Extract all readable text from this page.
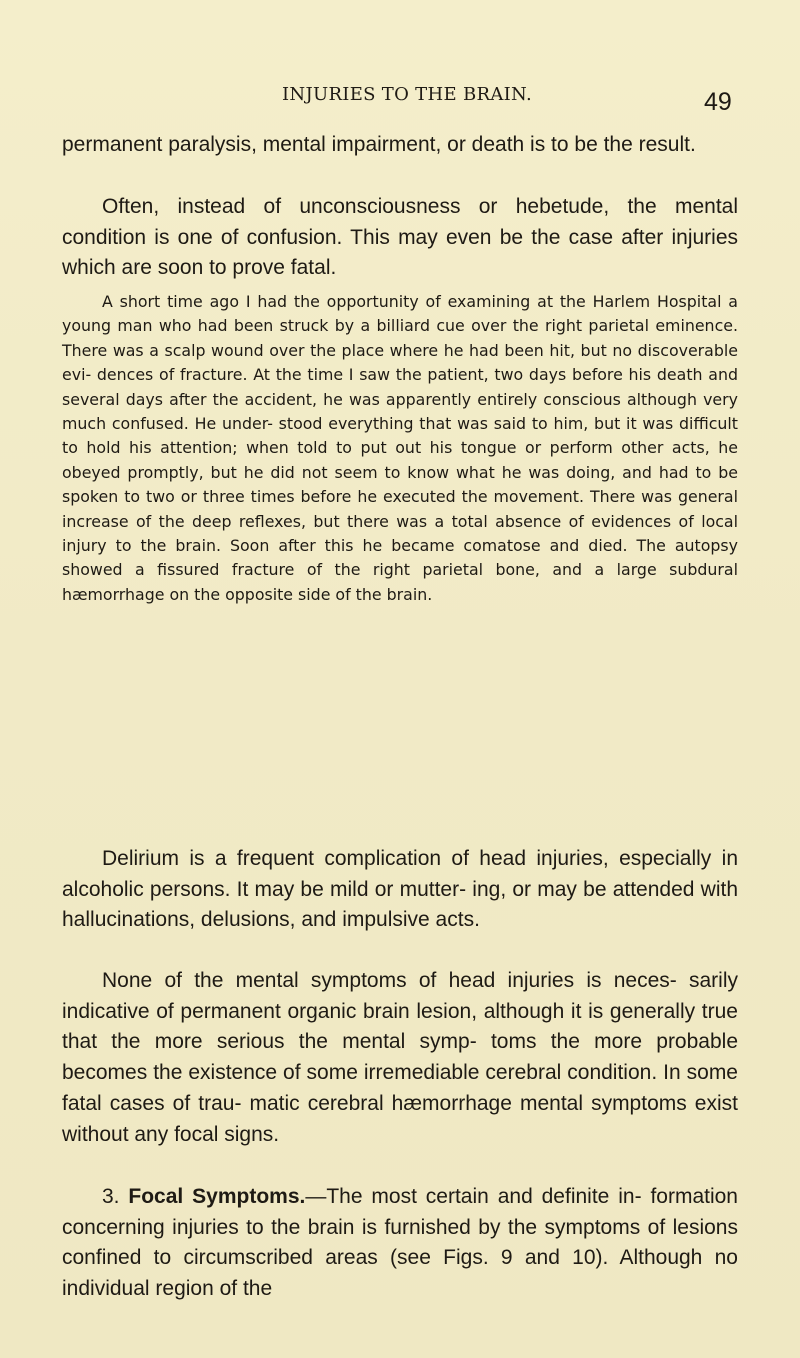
INJURIES TO THE BRAIN.	49

permanent paralysis, mental impairment, or death is to be the result.

Often, instead of unconsciousness or hebetude, the mental condition is one of confusion. This may even be the case after injuries which are soon to prove fatal.

A short time ago I had the opportunity of examining at the Harlem Hospital a young man who had been struck by a billiard cue over the right parietal eminence. There was a scalp wound over the place where he had been hit, but no discoverable evi- dences of fracture. At the time I saw the patient, two days before his death and several days after the accident, he was apparently entirely conscious although very much confused. He under- stood everything that was said to him, but it was difficult to hold his attention; when told to put out his tongue or perform other acts, he obeyed promptly, but he did not seem to know what he was doing, and had to be spoken to two or three times before he executed the movement. There was general increase of the deep reflexes, but there was a total absence of evidences of local injury to the brain. Soon after this he became comatose and died. The autopsy showed a fissured fracture of the right parietal bone, and a large subdural hæmorrhage on the opposite side of the brain.

Delirium is a frequent complication of head injuries, especially in alcoholic persons. It may be mild or mutter- ing, or may be attended with hallucinations, delusions, and impulsive acts.

None of the mental symptoms of head injuries is neces- sarily indicative of permanent organic brain lesion, although it is generally true that the more serious the mental symp- toms the more probable becomes the existence of some irremediable cerebral condition. In some fatal cases of trau- matic cerebral hæmorrhage mental symptoms exist without any focal signs.

3. Focal Symptoms.—The most certain and definite in- formation concerning injuries to the brain is furnished by the symptoms of lesions confined to circumscribed areas (see Figs. 9 and 10). Although no individual region of the
